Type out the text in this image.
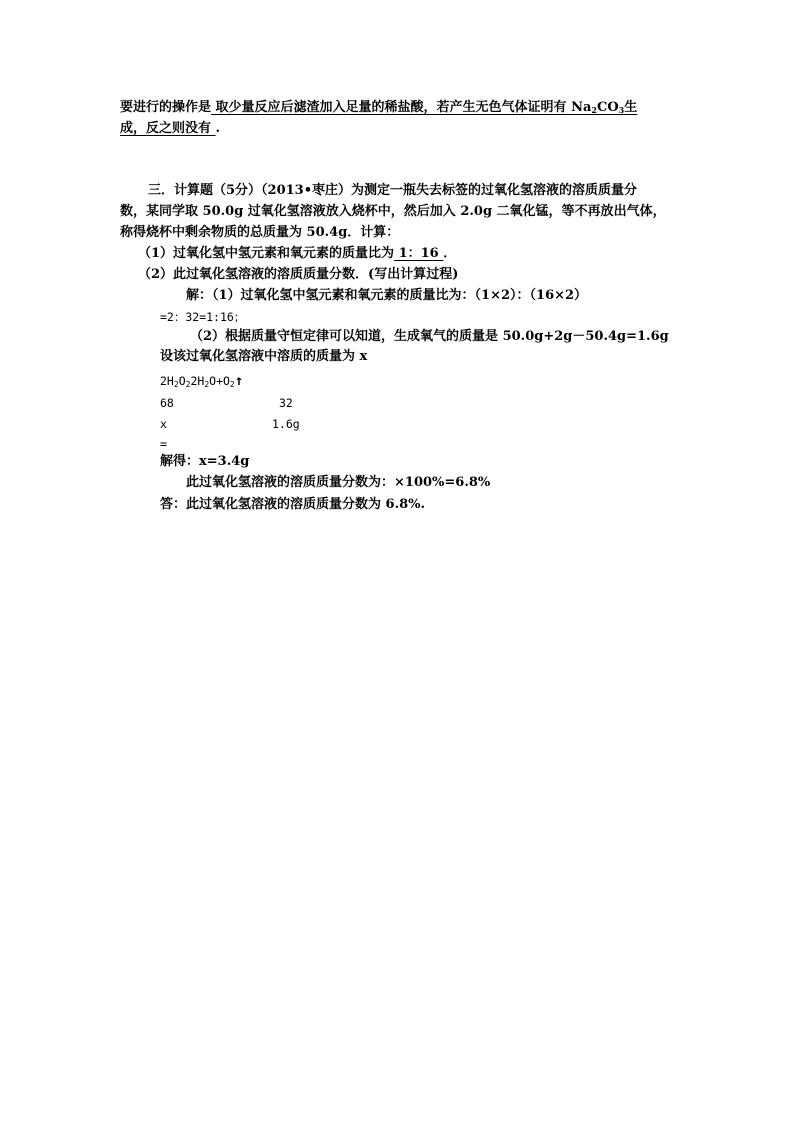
要进行的操作是 取少量反应后滤渣加入足量的稀盐酸，若产生无色气体证明有 $Na_2CO_3$生
成，反之则没有 .
三．计算题（5分）（2013•枣庄）为测定一瓶失去标签的过氧化氢溶液的溶质质量分
数，某同学取 50.0g 过氧化氢溶液放入烧杯中，然后加入 2.0g 二氧化锰，等不再放出气体，
称得烧杯中剩余物质的总质量为 50.4g．计算：
（1）过氧化氢中氢元素和氧元素的质量比为 1：16 ．
（2）此过氧化氢溶液的溶质质量分数．(写出计算过程)
解：（1）过氧化氢中氢元素和氧元素的质量比为：（1×2）：（16×2）
=2：32=1:16；
（2）根据质量守恒定律可以知道，生成氧气的质量是 50.0g+2g－50.4g=1.6g
设该过氧化氢溶液中溶质的质量为 x
$2H_2O_22H_2O+O_2↑$
68	32
x	1.6g
=
解得：x=3.4g
此过氧化氢溶液的溶质质量分数为：×100%=6.8%
答：此过氧化氢溶液的溶质质量分数为 6.8%.
